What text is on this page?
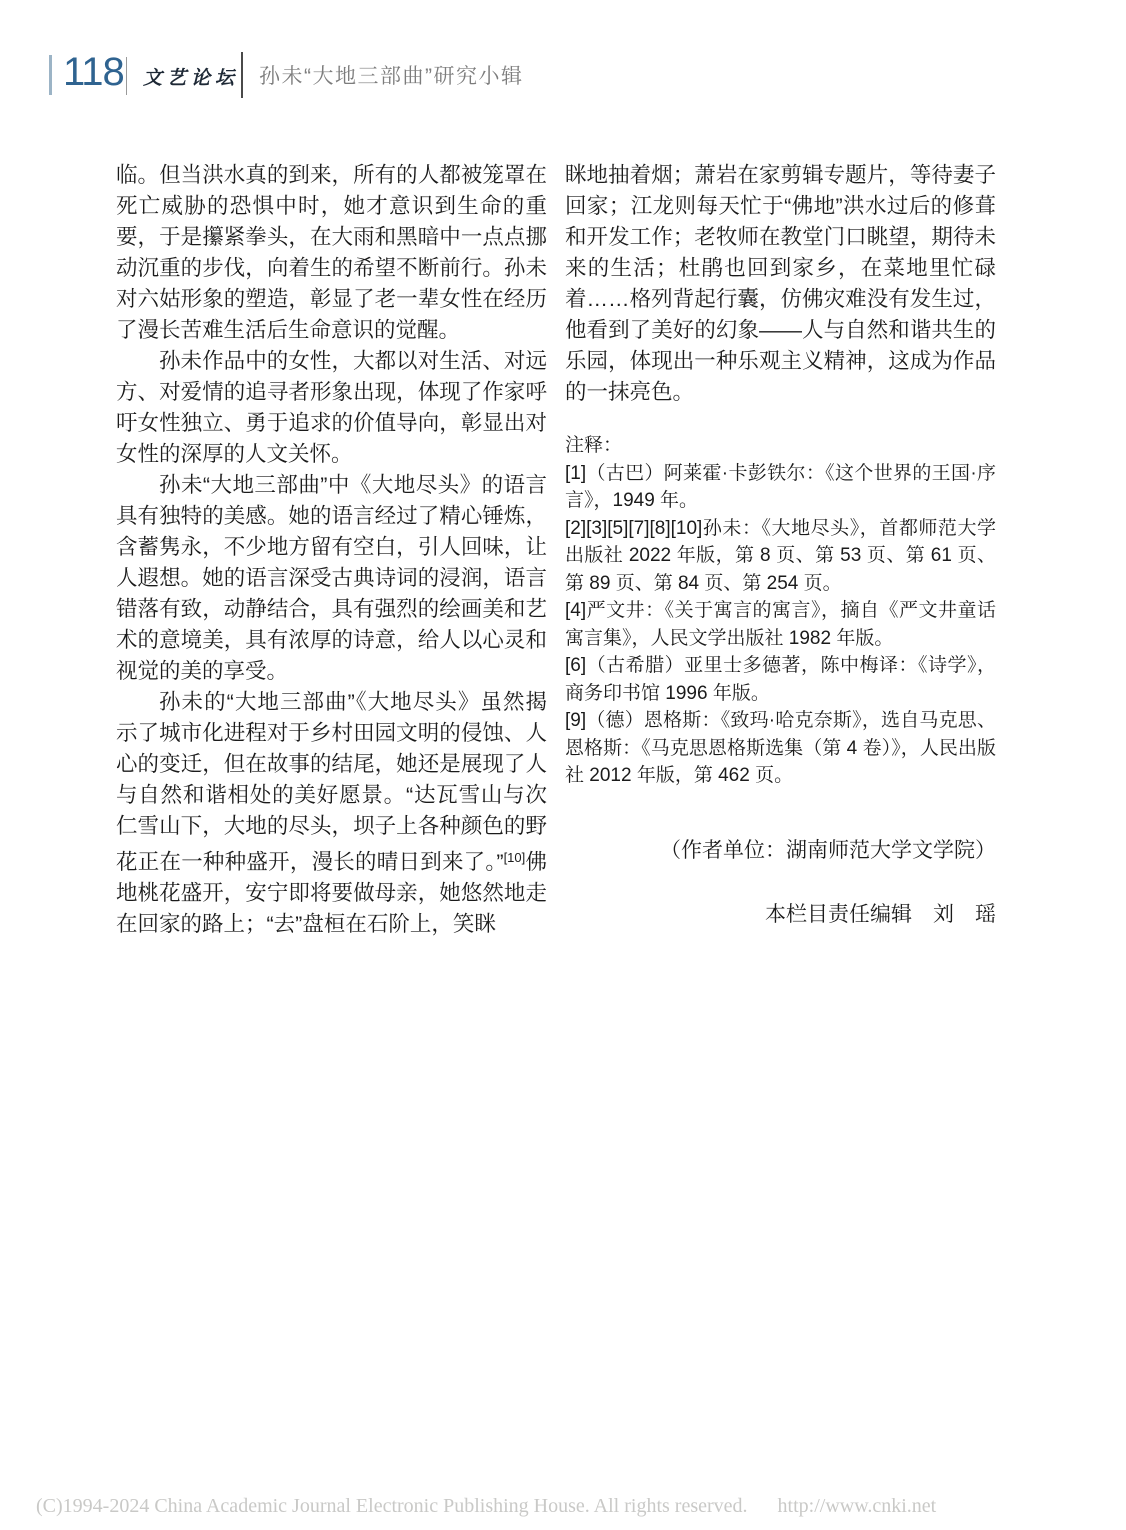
118 文艺论坛 孙未“大地三部曲”研究小辑

临。但当洪水真的到来，所有的人都被笼罩在死亡威胁的恐惧中时，她才意识到生命的重要，于是攥紧拳头，在大雨和黑暗中一点点挪动沉重的步伐，向着生的希望不断前行。孙未对六姑形象的塑造，彰显了老一辈女性在经历了漫长苦难生活后生命意识的觉醒。

孙未作品中的女性，大都以对生活、对远方、对爱情的追寻者形象出现，体现了作家呼吁女性独立、勇于追求的价值导向，彰显出对女性的深厚的人文关怀。

孙未“大地三部曲”中《大地尽头》的语言具有独特的美感。她的语言经过了精心锤炼，含蓄隽永，不少地方留有空白，引人回味，让人遐想。她的语言深受古典诗词的浸润，语言错落有致，动静结合，具有强烈的绘画美和艺术的意境美，具有浓厚的诗意，给人以心灵和视觉的美的享受。

孙未的“大地三部曲”《大地尽头》虽然揭示了城市化进程对于乡村田园文明的侵蚀、人心的变迁，但在故事的结尾，她还是展现了人与自然和谐相处的美好愿景。“达瓦雪山与次仁雪山下，大地的尽头，坝子上各种颜色的野花正在一种种盛开，漫长的晴日到来了。”[10]佛地桃花盛开，安宁即将要做母亲，她悠然地走在回家的路上；“去”盘桓在石阶上，笑眯

眯地抽着烟；萧岩在家剪辑专题片，等待妻子回家；江龙则每天忙于“佛地”洪水过后的修葺和开发工作；老牧师在教堂门口眺望，期待未来的生活；杜鹃也回到家乡，在菜地里忙碌着……格列背起行囊，仿佛灾难没有发生过，他看到了美好的幻象——人与自然和谐共生的乐园，体现出一种乐观主义精神，这成为作品的一抹亮色。

注释：

[1]（古巴）阿莱霍·卡彭铁尔：《这个世界的王国·序言》，1949 年。

[2][3][5][7][8][10]孙未：《大地尽头》，首都师范大学出版社 2022 年版，第 8 页、第 53 页、第 61 页、第 89 页、第 84 页、第 254 页。

[4]严文井：《关于寓言的寓言》，摘自《严文井童话寓言集》，人民文学出版社 1982 年版。

[6]（古希腊）亚里士多德著，陈中梅译：《诗学》，商务印书馆 1996 年版。

[9]（德）恩格斯：《致玛·哈克奈斯》，选自马克思、恩格斯：《马克思恩格斯选集（第 4 卷）》，人民出版社 2012 年版，第 462 页。

（作者单位：湖南师范大学文学院）
本栏目责任编辑　刘　瑶
(C)1994-2024 China Academic Journal Electronic Publishing House. All rights reserved. http://www.cnki.net
